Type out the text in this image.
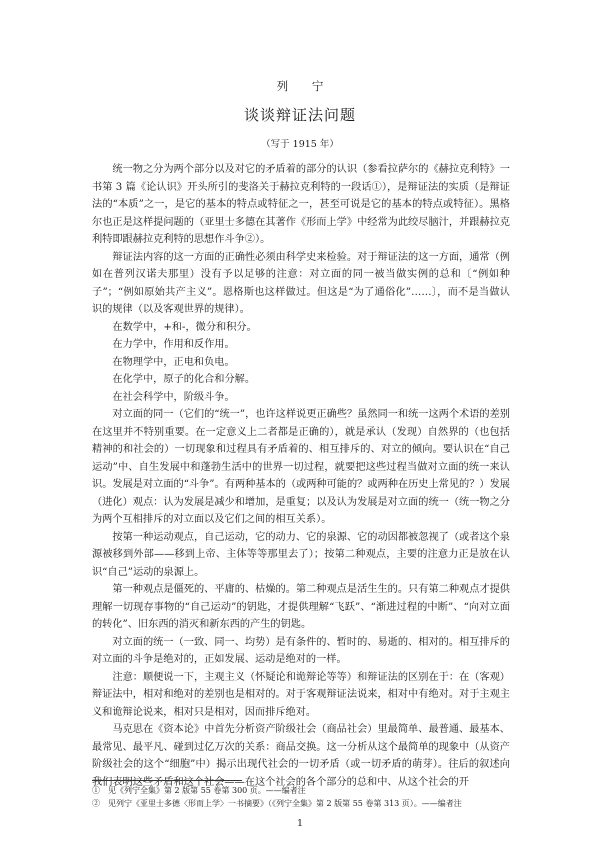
列 宁
谈谈辩证法问题
（写于 1915 年）

统一物之分为两个部分以及对它的矛盾着的部分的认识（参看拉萨尔的《赫拉克利特》一书第 3 篇《论认识》开头所引的斐洛关于赫拉克利特的一段话①），是辩证法的实质（是辩证法的“本质”之一，是它的基本的特点或特征之一，甚至可说是它的基本的特点或特征）。黑格尔也正是这样提问题的（亚里士多德在其著作《形而上学》中经常为此绞尽脑汁，并跟赫拉克利特即跟赫拉克利特的思想作斗争②）。

辩证法内容的这一方面的正确性必须由科学史来检验。对于辩证法的这一方面，通常（例如在普列汉诺夫那里）没有予以足够的注意：对立面的同一被当做实例的总和〔“例如种子”；“例如原始共产主义”。恩格斯也这样做过。但这是“为了通俗化”……〕，而不是当做认识的规律（以及客观世界的规律）。

在数学中，+和-，微分和积分。

在力学中，作用和反作用。

在物理学中，正电和负电。

在化学中，原子的化合和分解。

在社会科学中，阶级斗争。

对立面的同一（它们的“统一”，也许这样说更正确些？虽然同一和统一这两个术语的差别在这里并不特别重要。在一定意义上二者都是正确的），就是承认（发现）自然界的（也包括精神的和社会的）一切现象和过程具有矛盾着的、相互排斥的、对立的倾向。要认识在“自己运动”中、自生发展中和蓬勃生活中的世界一切过程，就要把这些过程当做对立面的统一来认识。发展是对立面的“斗争”。有两种基本的（或两种可能的？或两种在历史上常见的？）发展（进化）观点：认为发展是减少和增加，是重复；以及认为发展是对立面的统一（统一物之分为两个互相排斥的对立面以及它们之间的相互关系）。

按第一种运动观点，自己运动，它的动力、它的泉源、它的动因都被忽视了（或者这个泉源被移到外部——移到上帝、主体等等那里去了）；按第二种观点，主要的注意力正是放在认识“自己”运动的泉源上。

第一种观点是僵死的、平庸的、枯燥的。第二种观点是活生生的。只有第二种观点才提供理解一切现存事物的“自己运动”的钥匙，才提供理解“飞跃”、“渐进过程的中断”、“向对立面的转化”、旧东西的消灭和新东西的产生的钥匙。

对立面的统一（一致、同一、均势）是有条件的、暂时的、易逝的、相对的。相互排斥的对立面的斗争是绝对的，正如发展、运动是绝对的一样。

注意：顺便说一下，主观主义（怀疑论和诡辩论等等）和辩证法的区别在于：在（客观）辩证法中，相对和绝对的差别也是相对的。对于客观辩证法说来，相对中有绝对。对于主观主义和诡辩论说来，相对只是相对，因而排斥绝对。

马克思在《资本论》中首先分析资产阶级社会（商品社会）里最简单、最普通、最基本、最常见、最平凡、碰到过亿万次的关系：商品交换。这一分析从这个最简单的现象中（从资产阶级社会的这个“细胞”中）揭示出现代社会的一切矛盾（或一切矛盾的萌芽）。往后的叙述向我们表明这些矛盾和这个社会——在这个社会的各个部分的总和中、从这个社会的开

①　见《列宁全集》第 2 版第 55 卷第 300 页。——编者注

②　见列宁《亚里士多德〈形而上学〉一书摘要》（《列宁全集》第 2 版第 55 卷第 313 页）。——编者注

1
